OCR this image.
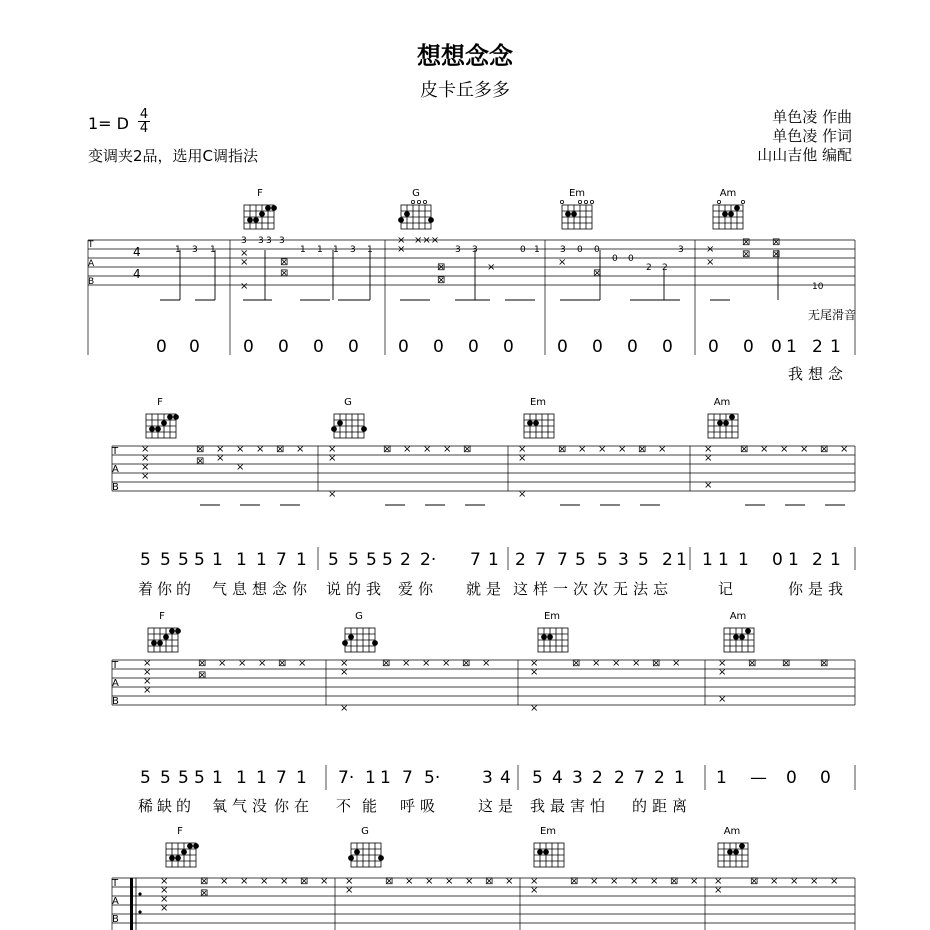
想想念念
皮卡丘多多
1= D 4
4
变调夹2品，选用C调指法
单色凌 作曲
单色凌 作词
山山吉他 编配
F	G	Em	Am
1 3 1
3 3 3 3
1 1 1 3 1	3 3	0 1 3 0 0
0 0
2 2
3
T
A
B
4
4
×
×
×
⊠
⊠
×
×
×××
⊠
⊠
×	×
⊠
×
×
⊠
⊠
⊠
⊠
10
无尾滑音
0 0	0 0 0 0 0 0 0 0	0 0 0 0 0 0 0 1 2 1
我 想 念
F	G	Em	Am
T
A
B
×
×
×
×
⊠
⊠
×
×
×
×
× ⊠ × ×
×
×
⊠ × × × ⊠	×
×
×
⊠ × × × ⊠ ×	×
×
×
⊠ × × × ⊠ ×
5 5 5 5 1 1 1 7 1 5 5 5 5 2 2· 7 1 2 7 7 5 5 3 5 2 1 1 1 1 0 1 2 1
着 你 的 气 息 想 念 你 说 的 我 爱 你 就 是 这 样 一 次 次 无 法 忘	记	你 是 我
F	G	Em	Am
T
A
B
×
×
×
×
⊠
⊠
× × × ⊠ ×	×
×
×
⊠ × × × ⊠ ×	×
×
×
⊠ × × × ⊠ ×	×
×
×
⊠	⊠	⊠
5 5 5 5 1 1 1 7 1 7· 1 1 7 5· 3 4 5 4 3 2 2 7 2 1 1 — 0 0
稀 缺 的 氧 气 没 你 在 不 能 呼 吸	这 是 我 最 害 怕 的 距 离
F	G	Em	Am
T
A
B
×
×
×
×
⊠
⊠
× × × × ⊠ × ×
×
⊠ × × × × ⊠ × ×
×
⊠ × × × × ⊠ × ×
×
⊠ × × × ×
